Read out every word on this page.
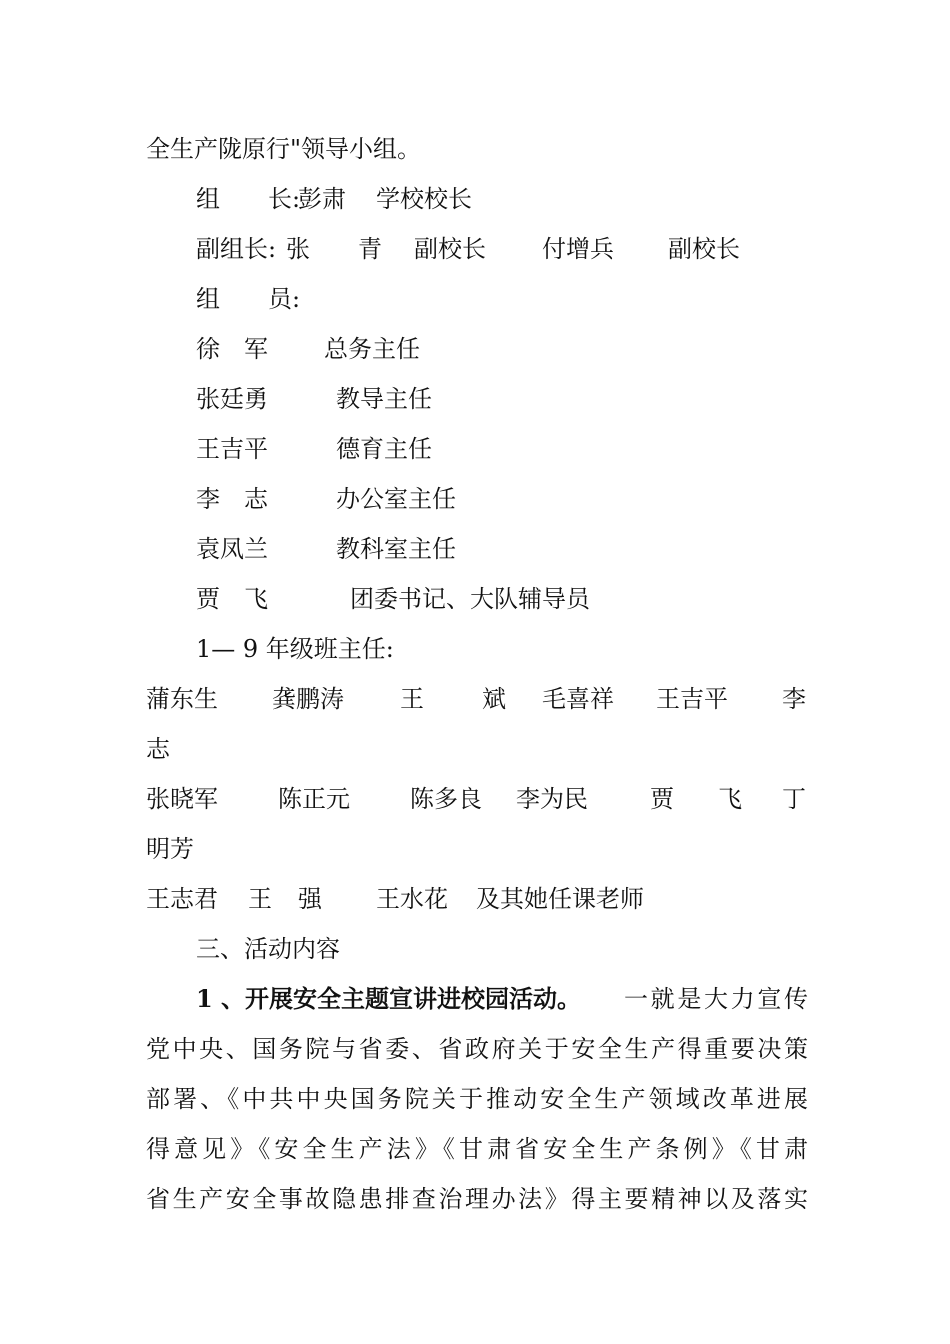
全生产陇原行"领导小组。
组　　长:
彭肃 学校校长
副组长: 张　　青 副校长 付增兵 副校长
组　　员:
徐　军 总务主任
张廷勇	教导主任
王吉平	德育主任
李　志	办公室主任
袁凤兰	教科室主任
贾　飞	团委书记、大队辅导员
1— 9 年级班主任:
蒲东生 龚鹏涛 王 斌 毛喜祥 王吉平 李
志
张晓军	陈正元	陈多良 李为民	贾 飞 丁
明芳
王志君 王 强 王水花 及其她任课老师
三、活动内容
1 、开展安全主题宣讲进校园活动。 一就是大力宣传
党中央、国务院与省委、省政府关于安全生产得重要决策
部署、《中共中央国务院关于推动安全生产领域改革进展
得意见》《安全生产法》《甘肃省安全生产条例》《甘肃
省生产安全事故隐患排查治理办法》得主要精神以及落实
